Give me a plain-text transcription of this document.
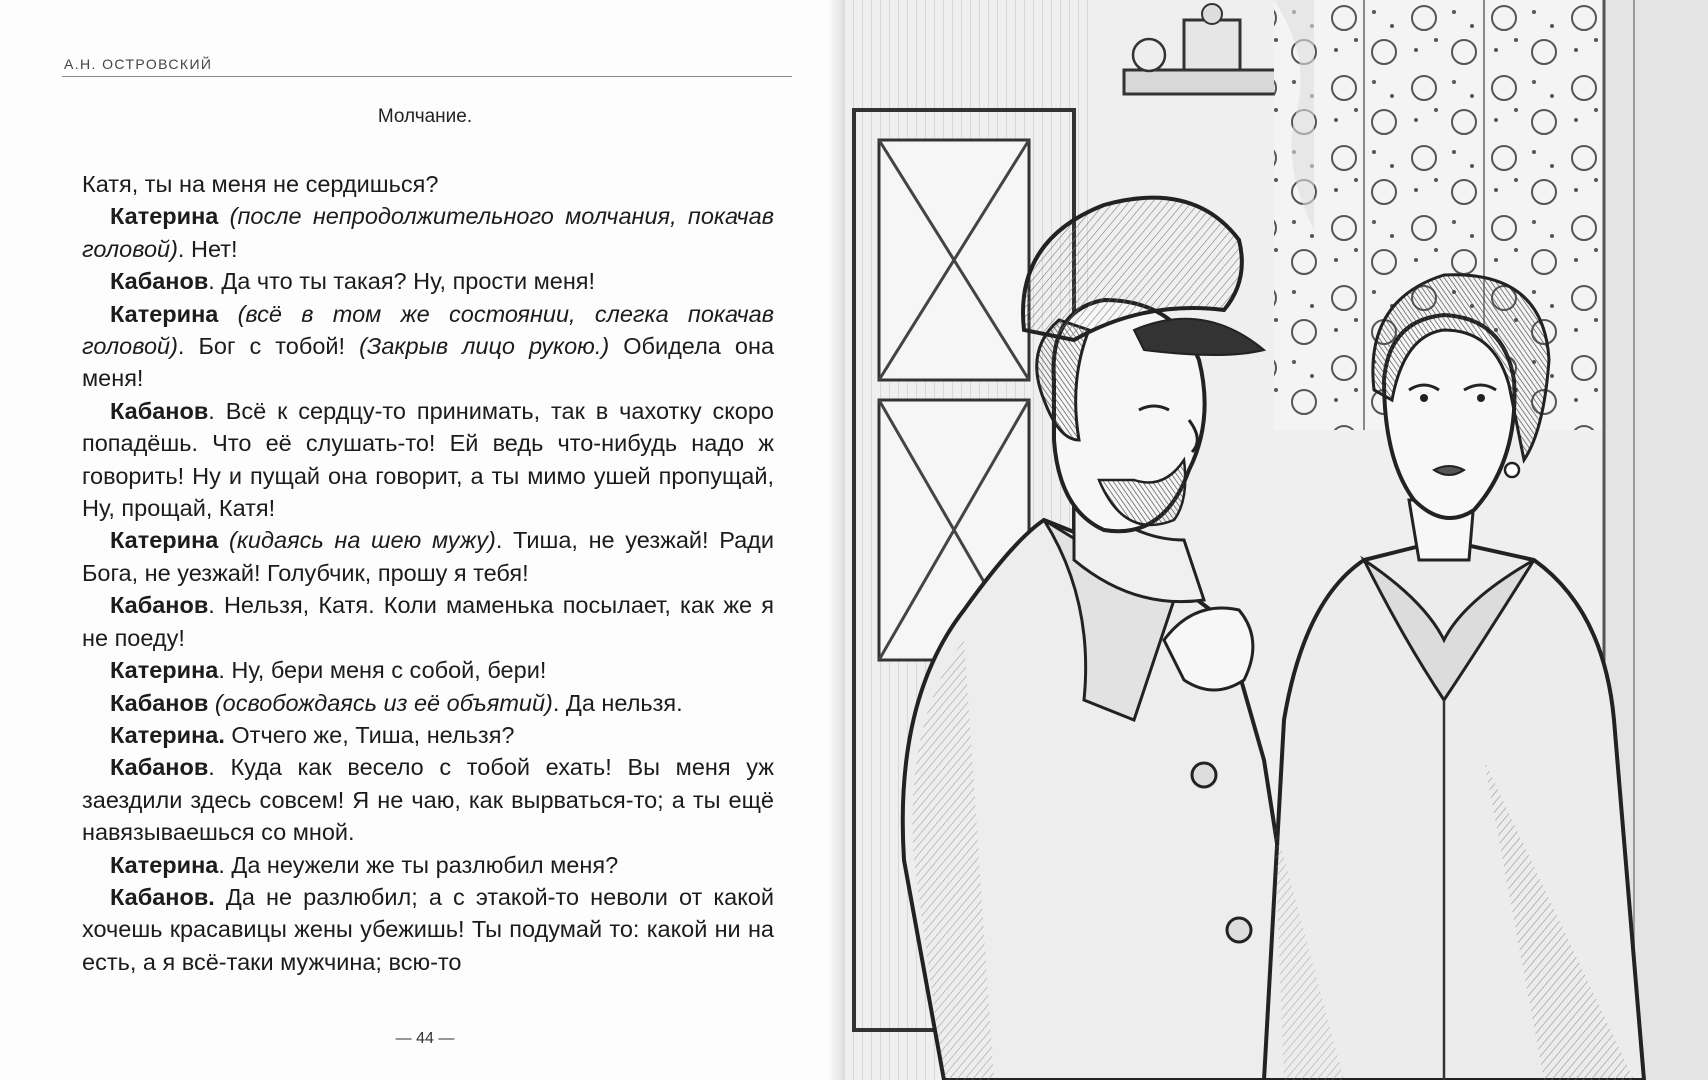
А.Н. ОСТРОВСКИЙ
Молчание.

Катя, ты на меня не сердишься?

Катерина (после непродолжительного молчания, покачав головой). Нет!

Кабанов. Да что ты такая? Ну, прости меня!

Катерина (всё в том же состоянии, слегка покачав головой). Бог с тобой! (Закрыв лицо рукою.) Обидела она меня!

Кабанов. Всё к сердцу-то принимать, так в чахотку скоро попадёшь. Что её слушать-то! Ей ведь что-нибудь надо ж говорить! Ну и пущай она говорит, а ты мимо ушей пропущай, Ну, прощай, Катя!

Катерина (кидаясь на шею мужу). Тиша, не уезжай! Ради Бога, не уезжай! Голубчик, прошу я тебя!

Кабанов. Нельзя, Катя. Коли маменька посылает, как же я не поеду!

Катерина. Ну, бери меня с собой, бери!

Кабанов (освобождаясь из её объятий). Да нельзя.

Катерина. Отчего же, Тиша, нельзя?

Кабанов. Куда как весело с тобой ехать! Вы меня уж заездили здесь совсем! Я не чаю, как вырваться-то; а ты ещё навязываешься со мной.

Катерина. Да неужели же ты разлюбил меня?

Кабанов. Да не разлюбил; а с этакой-то неволи от какой хочешь красавицы жены убежишь! Ты подумай то: какой ни на есть, а я всё-таки мужчина; всю-то

— 44 —
